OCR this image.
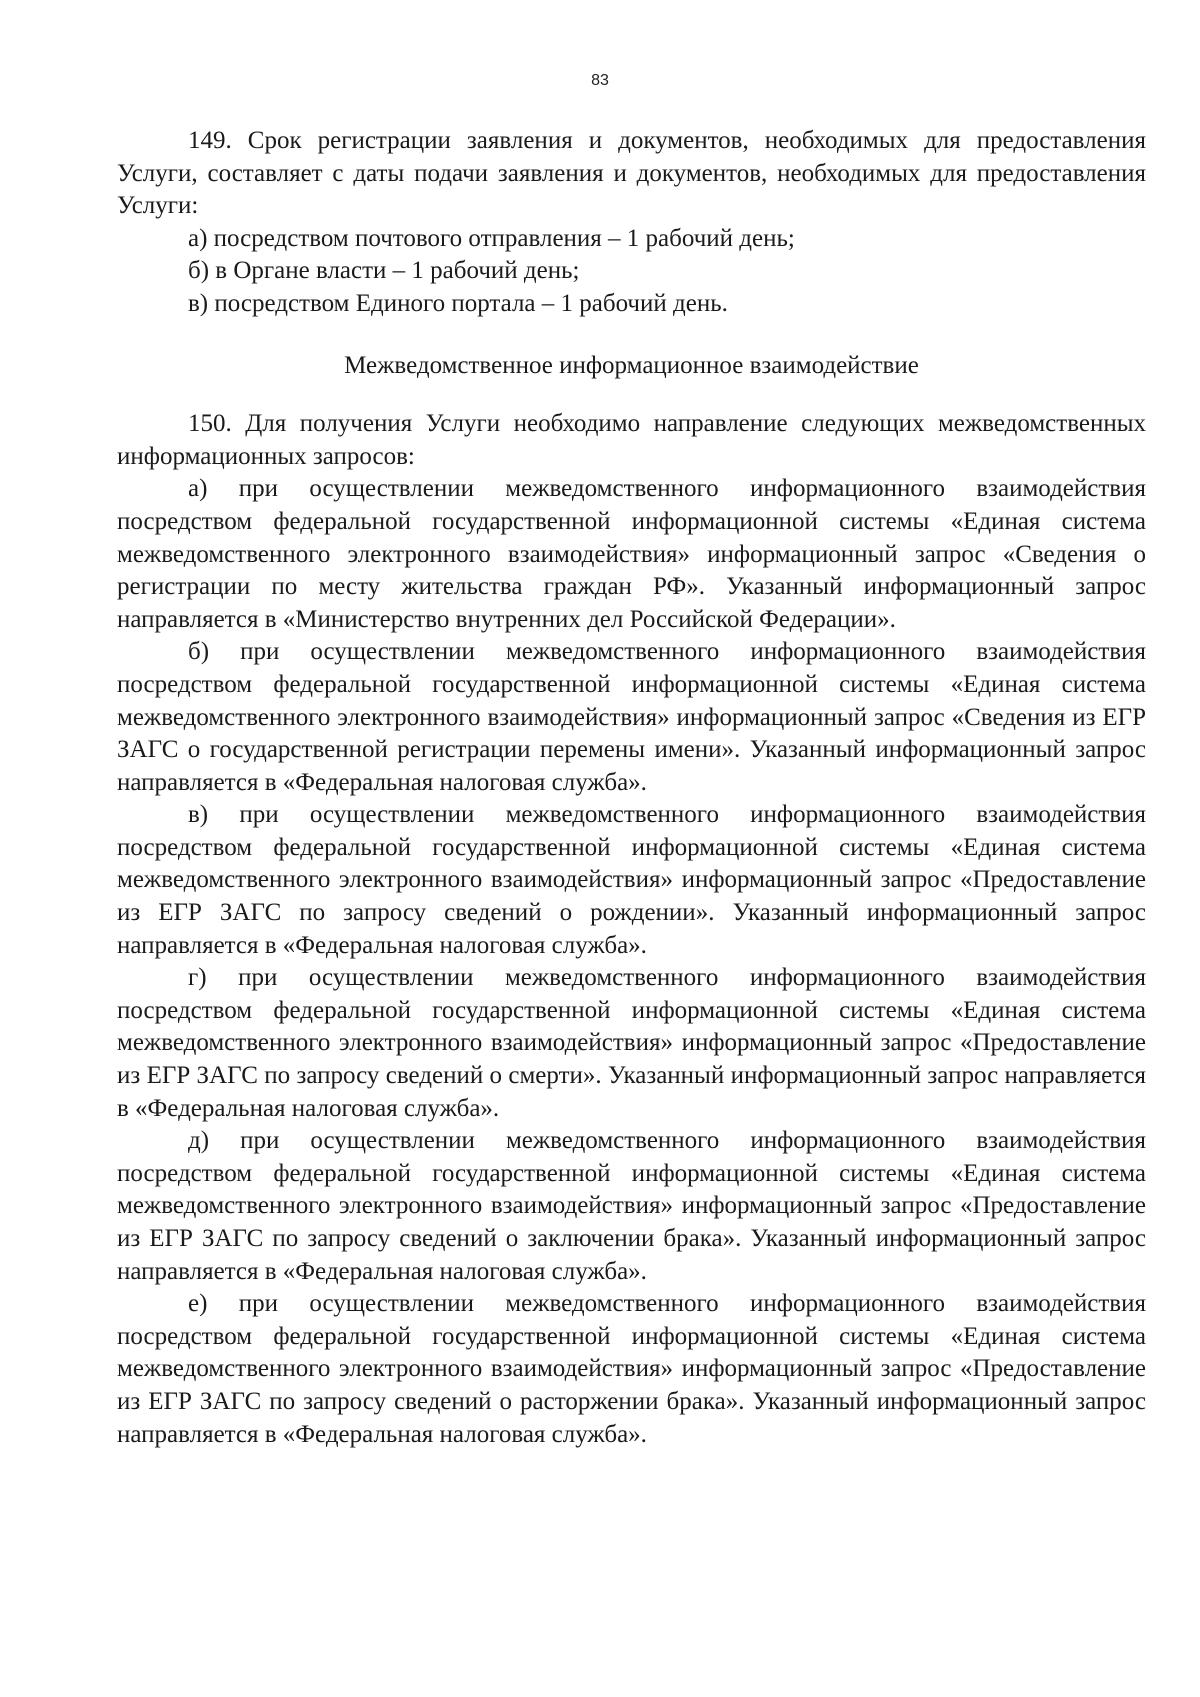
83

149. Срок регистрации заявления и документов, необходимых для предоставления Услуги, составляет с даты подачи заявления и документов, необходимых для предоставления Услуги:

а) посредством почтового отправления – 1 рабочий день;

б) в Органе власти – 1 рабочий день;

в) посредством Единого портала – 1 рабочий день.

Межведомственное информационное взаимодействие

150. Для получения Услуги необходимо направление следующих межведомственных информационных запросов:

а) при осуществлении межведомственного информационного взаимодействия посредством федеральной государственной информационной системы «Единая система межведомственного электронного взаимодействия» информационный запрос «Сведения о регистрации по месту жительства граждан РФ». Указанный информационный запрос направляется в «Министерство внутренних дел Российской Федерации».

б) при осуществлении межведомственного информационного взаимодействия посредством федеральной государственной информационной системы «Единая система межведомственного электронного взаимодействия» информационный запрос «Сведения из ЕГР ЗАГС о государственной регистрации перемены имени». Указанный информационный запрос направляется в «Федеральная налоговая служба».

в) при осуществлении межведомственного информационного взаимодействия посредством федеральной государственной информационной системы «Единая система межведомственного электронного взаимодействия» информационный запрос «Предоставление из ЕГР ЗАГС по запросу сведений о рождении». Указанный информационный запрос направляется в «Федеральная налоговая служба».

г) при осуществлении межведомственного информационного взаимодействия посредством федеральной государственной информационной системы «Единая система межведомственного электронного взаимодействия» информационный запрос «Предоставление из ЕГР ЗАГС по запросу сведений о смерти». Указанный информационный запрос направляется в «Федеральная налоговая служба».

д) при осуществлении межведомственного информационного взаимодействия посредством федеральной государственной информационной системы «Единая система межведомственного электронного взаимодействия» информационный запрос «Предоставление из ЕГР ЗАГС по запросу сведений о заключении брака». Указанный информационный запрос направляется в «Федеральная налоговая служба».

е) при осуществлении межведомственного информационного взаимодействия посредством федеральной государственной информационной системы «Единая система межведомственного электронного взаимодействия» информационный запрос «Предоставление из ЕГР ЗАГС по запросу сведений о расторжении брака». Указанный информационный запрос направляется в «Федеральная налоговая служба».
